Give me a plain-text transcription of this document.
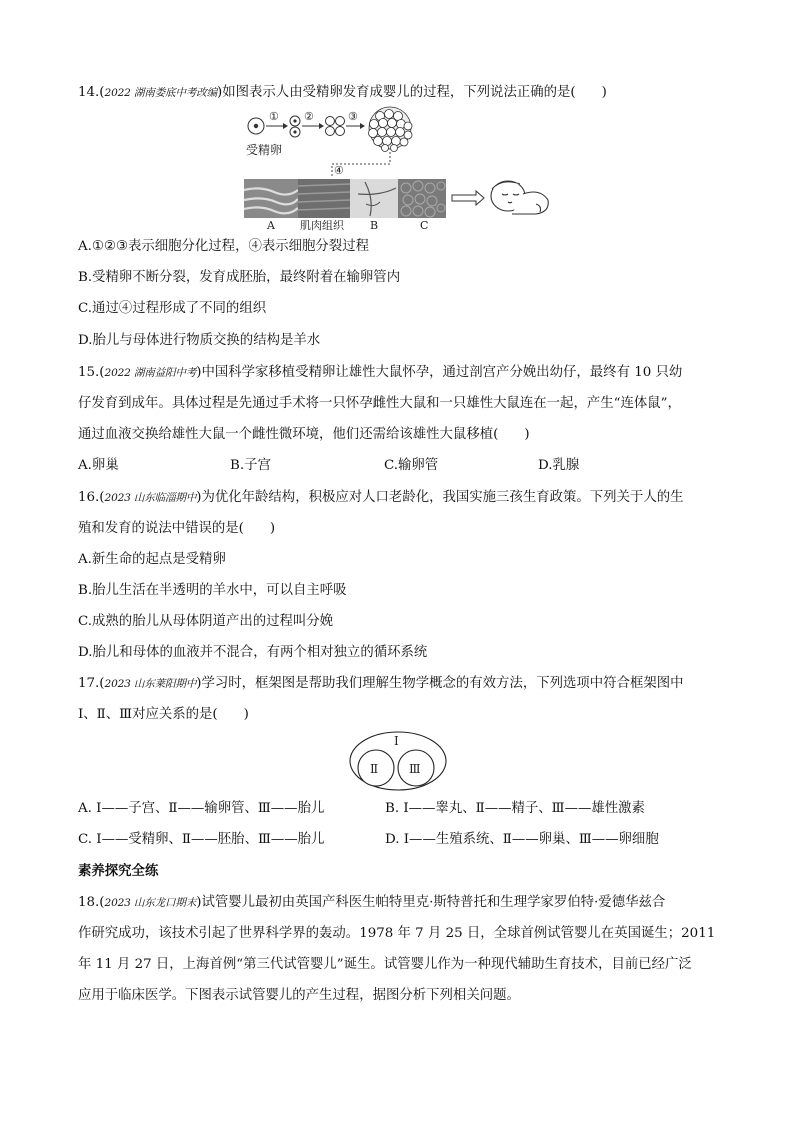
14.(2022 湖南娄底中考改编)如图表示人由受精卵发育成婴儿的过程，下列说法正确的是( )
受精卵
① ②	③
④
A 肌肉组织 B	C
A.①②③表示细胞分化过程，④表示细胞分裂过程
B.受精卵不断分裂，发育成胚胎，最终附着在输卵管内
C.通过④过程形成了不同的组织
D.胎儿与母体进行物质交换的结构是羊水
15.(2022 湖南益阳中考)中国科学家移植受精卵让雄性大鼠怀孕，通过剖宫产分娩出幼仔，最终有 10 只幼
仔发育到成年。具体过程是先通过手术将一只怀孕雌性大鼠和一只雄性大鼠连在一起，产生“连体鼠”，
通过血液交换给雄性大鼠一个雌性微环境，他们还需给该雄性大鼠移植( )
A.卵巢	B.子宫	C.输卵管	D.乳腺
16.(2023 山东临淄期中)为优化年龄结构，积极应对人口老龄化，我国实施三孩生育政策。下列关于人的生
殖和发育的说法中错误的是( )
A.新生命的起点是受精卵
B.胎儿生活在半透明的羊水中，可以自主呼吸
C.成熟的胎儿从母体阴道产出的过程叫分娩
D.胎儿和母体的血液并不混合，有两个相对独立的循环系统
17.(2023 山东莱阳期中)学习时，框架图是帮助我们理解生物学概念的有效方法，下列选项中符合框架图中
Ⅰ、Ⅱ、Ⅲ对应关系的是( )
Ⅰ
Ⅱ	Ⅲ
A. Ⅰ——子宫、Ⅱ——输卵管、Ⅲ——胎儿	B. Ⅰ——睾丸、Ⅱ——精子、Ⅲ——雄性激素
C. Ⅰ——受精卵、Ⅱ——胚胎、Ⅲ——胎儿	D. Ⅰ——生殖系统、Ⅱ——卵巢、Ⅲ——卵细胞
素养探究全练
18.(2023 山东龙口期末)试管婴儿最初由英国产科医生帕特里克·斯特普托和生理学家罗伯特·爱德华兹合
作研究成功，该技术引起了世界科学界的轰动。1978 年 7 月 25 日，全球首例试管婴儿在英国诞生；2011
年 11 月 27 日，上海首例“第三代试管婴儿”诞生。试管婴儿作为一种现代辅助生育技术，目前已经广泛
应用于临床医学。下图表示试管婴儿的产生过程，据图分析下列相关问题。
